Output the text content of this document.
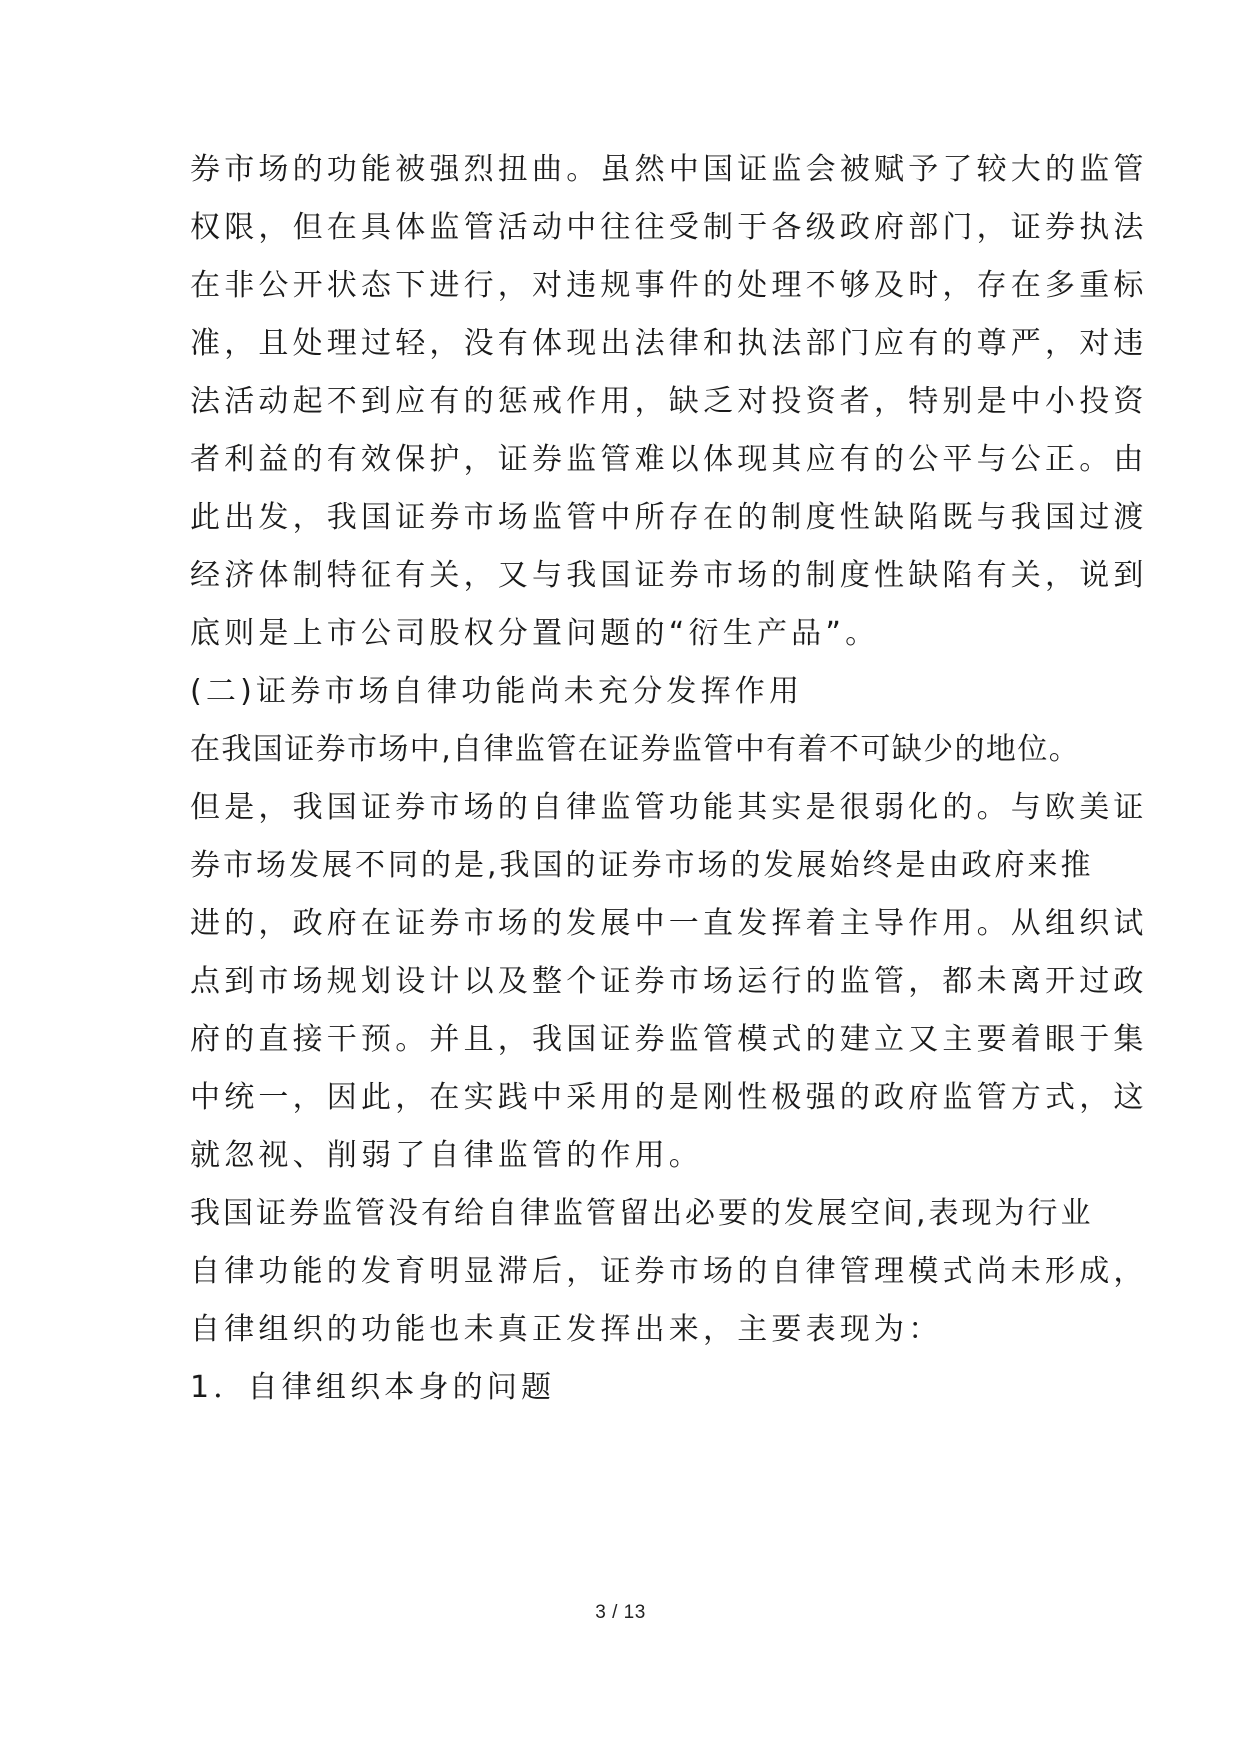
券市场的功能被强烈扭曲。虽然中国证监会被赋予了较大的监管
权限，但在具体监管活动中往往受制于各级政府部门，证券执法
在非公开状态下进行，对违规事件的处理不够及时，存在多重标
准，且处理过轻，没有体现出法律和执法部门应有的尊严，对违
法活动起不到应有的惩戒作用，缺乏对投资者，特别是中小投资
者利益的有效保护，证券监管难以体现其应有的公平与公正。由
此出发，我国证券市场监管中所存在的制度性缺陷既与我国过渡
经济体制特征有关，又与我国证券市场的制度性缺陷有关，说到
底则是上市公司股权分置问题的“衍生产品”。
(二)证券市场自律功能尚未充分发挥作用
在我国证券市场中,自律监管在证券监管中有着不可缺少的地位。
但是，我国证券市场的自律监管功能其实是很弱化的。与欧美证
券市场发展不同的是,我国的证券市场的发展始终是由政府来推
进的，政府在证券市场的发展中一直发挥着主导作用。从组织试
点到市场规划设计以及整个证券市场运行的监管，都未离开过政
府的直接干预。并且，我国证券监管模式的建立又主要着眼于集
中统一，因此，在实践中采用的是刚性极强的政府监管方式，这
就忽视、削弱了自律监管的作用。
我国证券监管没有给自律监管留出必要的发展空间,表现为行业
自律功能的发育明显滞后，证券市场的自律管理模式尚未形成，
自律组织的功能也未真正发挥出来，主要表现为：
1．自律组织本身的问题
3 / 13
